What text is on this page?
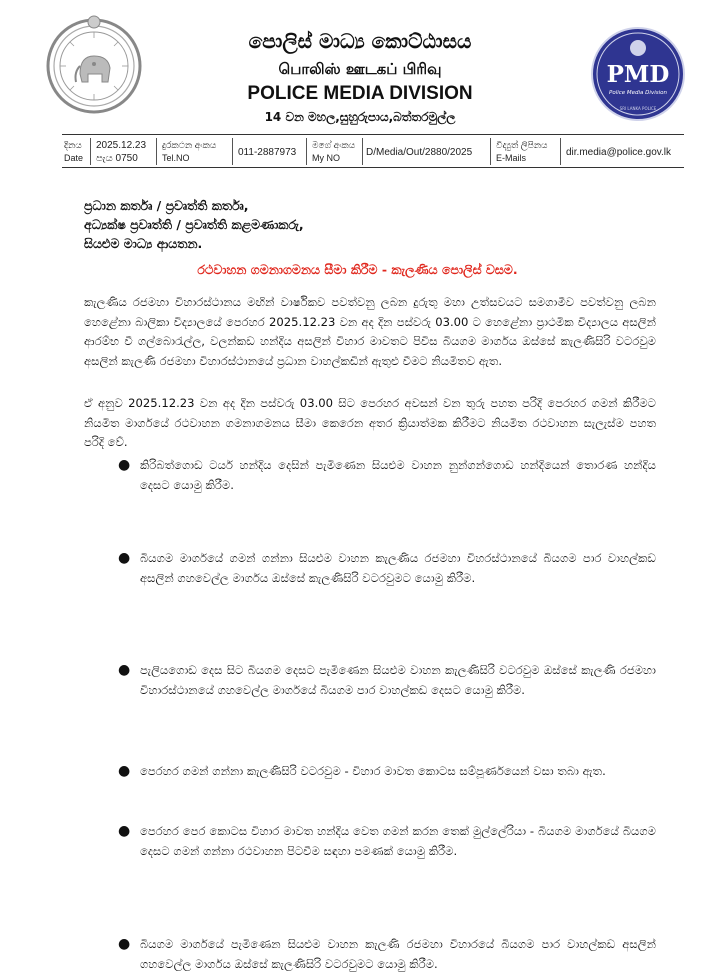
පොලිස් මාධ්‍ය කොට්ඨාසය
பொலிஸ் ஊடகப் பிரிவு
POLICE MEDIA DIVISION
14 වන මහල,සුහුරුපාය,බත්තරමුල්ල
PMD
Police Media Division
SRI LANKA POLICE
දිනය
Date
2025.12.23
පැය 0750
දුරකථන අංකය
Tel.NO	011-2887973
මගේ අංකය
My NO	D/Media/Out/2880/2025
විද්‍යුත් ලිපිනය
E-Mails	dir.media@police.gov.lk
ප්‍රධාන කර්තෘ / ප්‍රවෘත්ති කර්තෘ,
අධ්‍යක්ෂ ප්‍රවෘත්ති / ප්‍රවෘත්ති කළමණාකරු,
සියළුම මාධ්‍ය ආයතන.
රථවාහන ගමනාගමනය සීමා කිරීම - කැලණිය පොලිස් වසම.
කැලණිය රජමහා විහාරස්ථානය මඟින් වාර්ෂිකව පවත්වනු ලබන දුරුතු මහා උත්සවයට සමගාමීව පවත්වනු ලබන හෙළේනා බාලිකා විද්‍යාලයේ පෙරහර 2025.12.23 වන අද දින පස්වරු 03.00 ට හෙළේනා ප්‍රාථමික විද්‍යාලය අසලින් ආරම්භ වී ගල්බොරැල්ල, වලන්කඩ හන්දිය අසලින් විහාර මාවතට පිවිස බියගම මාර්ගය ඔස්සේ කැලණිසිරි වටරවුම අසලින් කැලණි රජමහා විහාරස්ථානයේ ප්‍රධාන වාහල්කඩින් ඇතුළු වීමට නියමිතව ඇත.
ඒ අනුව 2025.12.23 වන අද දින පස්වරු 03.00 සිට පෙරහර අවසන් වන තුරු පහත පරිදි පෙරහර ගමන් කිරීමට නියමිත මාර්ගයේ රථවාහන ගමනාගමනය සීමා කෙරෙන අතර ක්‍රියාත්මක කිරීමට නියමිත රථවාහන සැලැස්ම පහත පරිදි වේ.
● කිරිබත්ගොඩ ටයර් හන්දිය දෙසින් පැමිණෙන සියළුම වාහන නුන්ගන්ගොඩ හන්දියෙන් තොරණ හන්දිය දෙසට යොමු කිරීම.
● බියගම මාර්ගයේ ගමන් ගන්නා සියළුම වාහන කැලණිය රජමහා විහරස්ථානයේ බියගම පාර වාහල්කඩ අසලින් ගහවෙල්ල මාර්ගය ඔස්සේ කැලණිසිරි වටරවුමට යොමු කිරීම.
● පැලියගොඩ දෙස සිට බියගම දෙසට පැමිණෙන සියළුම වාහන කැලණිසිරි වටරවුම ඔස්සේ කැලණි රජමහා විහාරස්ථානයේ ගහවෙල්ල මාර්ගයේ බියගම පාර වාහල්කඩ දෙසට යොමු කිරීම.
● පෙරහර ගමන් ගන්නා කැලණිසිරි වටරවුම - විහාර මාවත කොටස සම්පූර්ණයෙන් වසා තබා ඇත.
● පෙරහර පෙර කොටස විහාර මාවත හන්දිය වෙත ගමන් කරන තෙක් මුල්ලේරියා - බියගම මාර්ගයේ බියගම දෙසට ගමන් ගන්නා රථවාහන පිටවීම සඳහා පමණක් යොමු කිරීම.
● බියගම මාර්ගයේ පැමිණෙන සියළුම වාහන කැලණි රජමහා විහාරයේ බියගම පාර වාහල්කඩ අසලින් ගහවෙල්ල මාර්ගය ඔස්සේ කැලණිසිරි වටරවුමට යොමු කිරීම.
